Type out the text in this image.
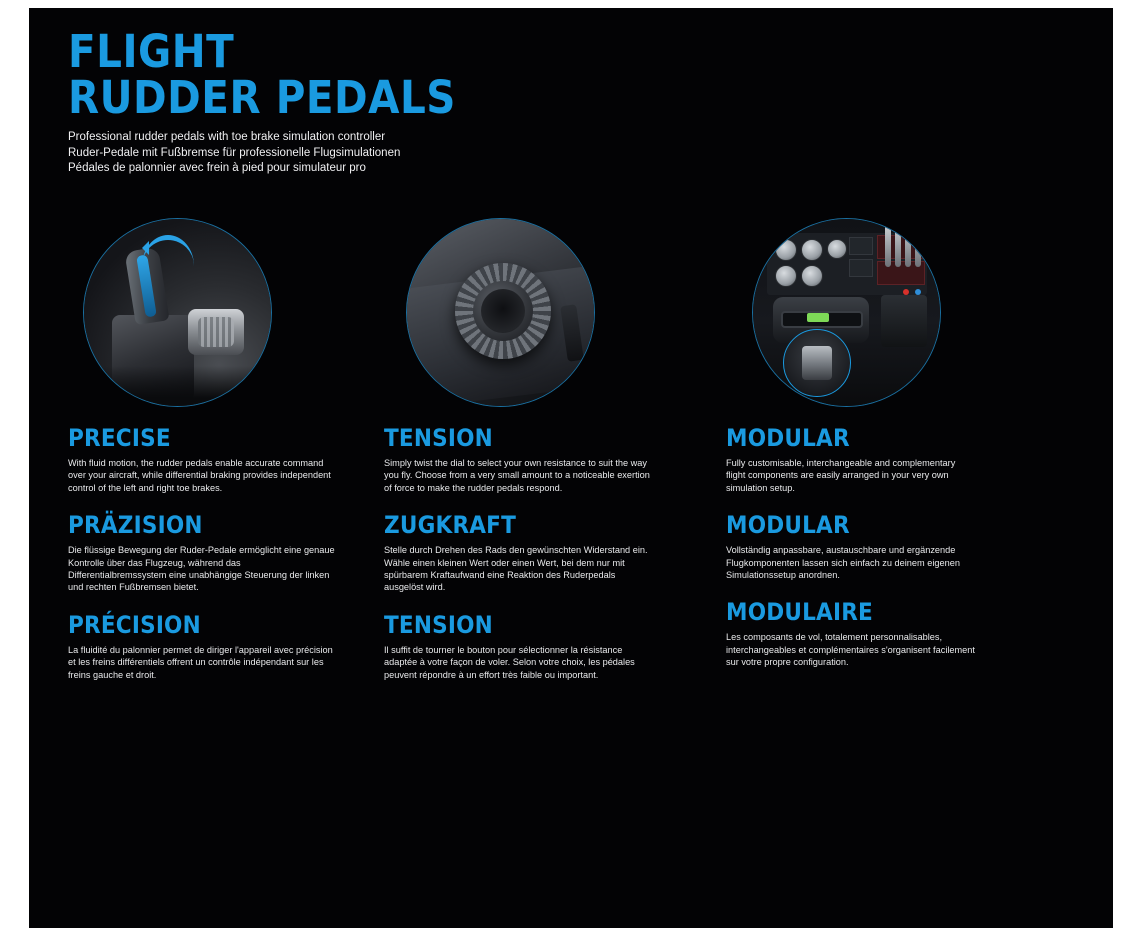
FLIGHT
RUDDER PEDALS
Professional rudder pedals with toe brake simulation controller
Ruder-Pedale mit Fußbremse für professionelle Flugsimulationen
Pédales de palonnier avec frein à pied pour simulateur pro
PRECISE
With fluid motion, the rudder pedals enable accurate command over your aircraft, while differential braking provides independent control of the left and right toe brakes.
PRÄZISION
Die flüssige Bewegung der Ruder-Pedale ermöglicht eine genaue Kontrolle über das Flugzeug, während das Differentialbremssystem eine unabhängige Steuerung der linken und rechten Fußbremsen bietet.
PRÉCISION
La fluidité du palonnier permet de diriger l'appareil avec précision et les freins différentiels offrent un contrôle indépendant sur les freins gauche et droit.
TENSION
Simply twist the dial to select your own resistance to suit the way you fly. Choose from a very small amount to a noticeable exertion of force to make the rudder pedals respond.
ZUGKRAFT
Stelle durch Drehen des Rads den gewünschten Widerstand ein. Wähle einen kleinen Wert oder einen Wert, bei dem nur mit spürbarem Kraftaufwand eine Reaktion des Ruderpedals ausgelöst wird.
TENSION
Il suffit de tourner le bouton pour sélectionner la résistance adaptée à votre façon de voler. Selon votre choix, les pédales peuvent répondre à un effort très faible ou important.
MODULAR
Fully customisable, interchangeable and complementary flight components are easily arranged in your very own simulation setup.
MODULAR
Vollständig anpassbare, austauschbare und ergänzende Flugkomponenten lassen sich einfach zu deinem eigenen Simulationssetup anordnen.
MODULAIRE
Les composants de vol, totalement personnalisables, interchangeables et complémentaires s'organisent facilement sur votre propre configuration.
